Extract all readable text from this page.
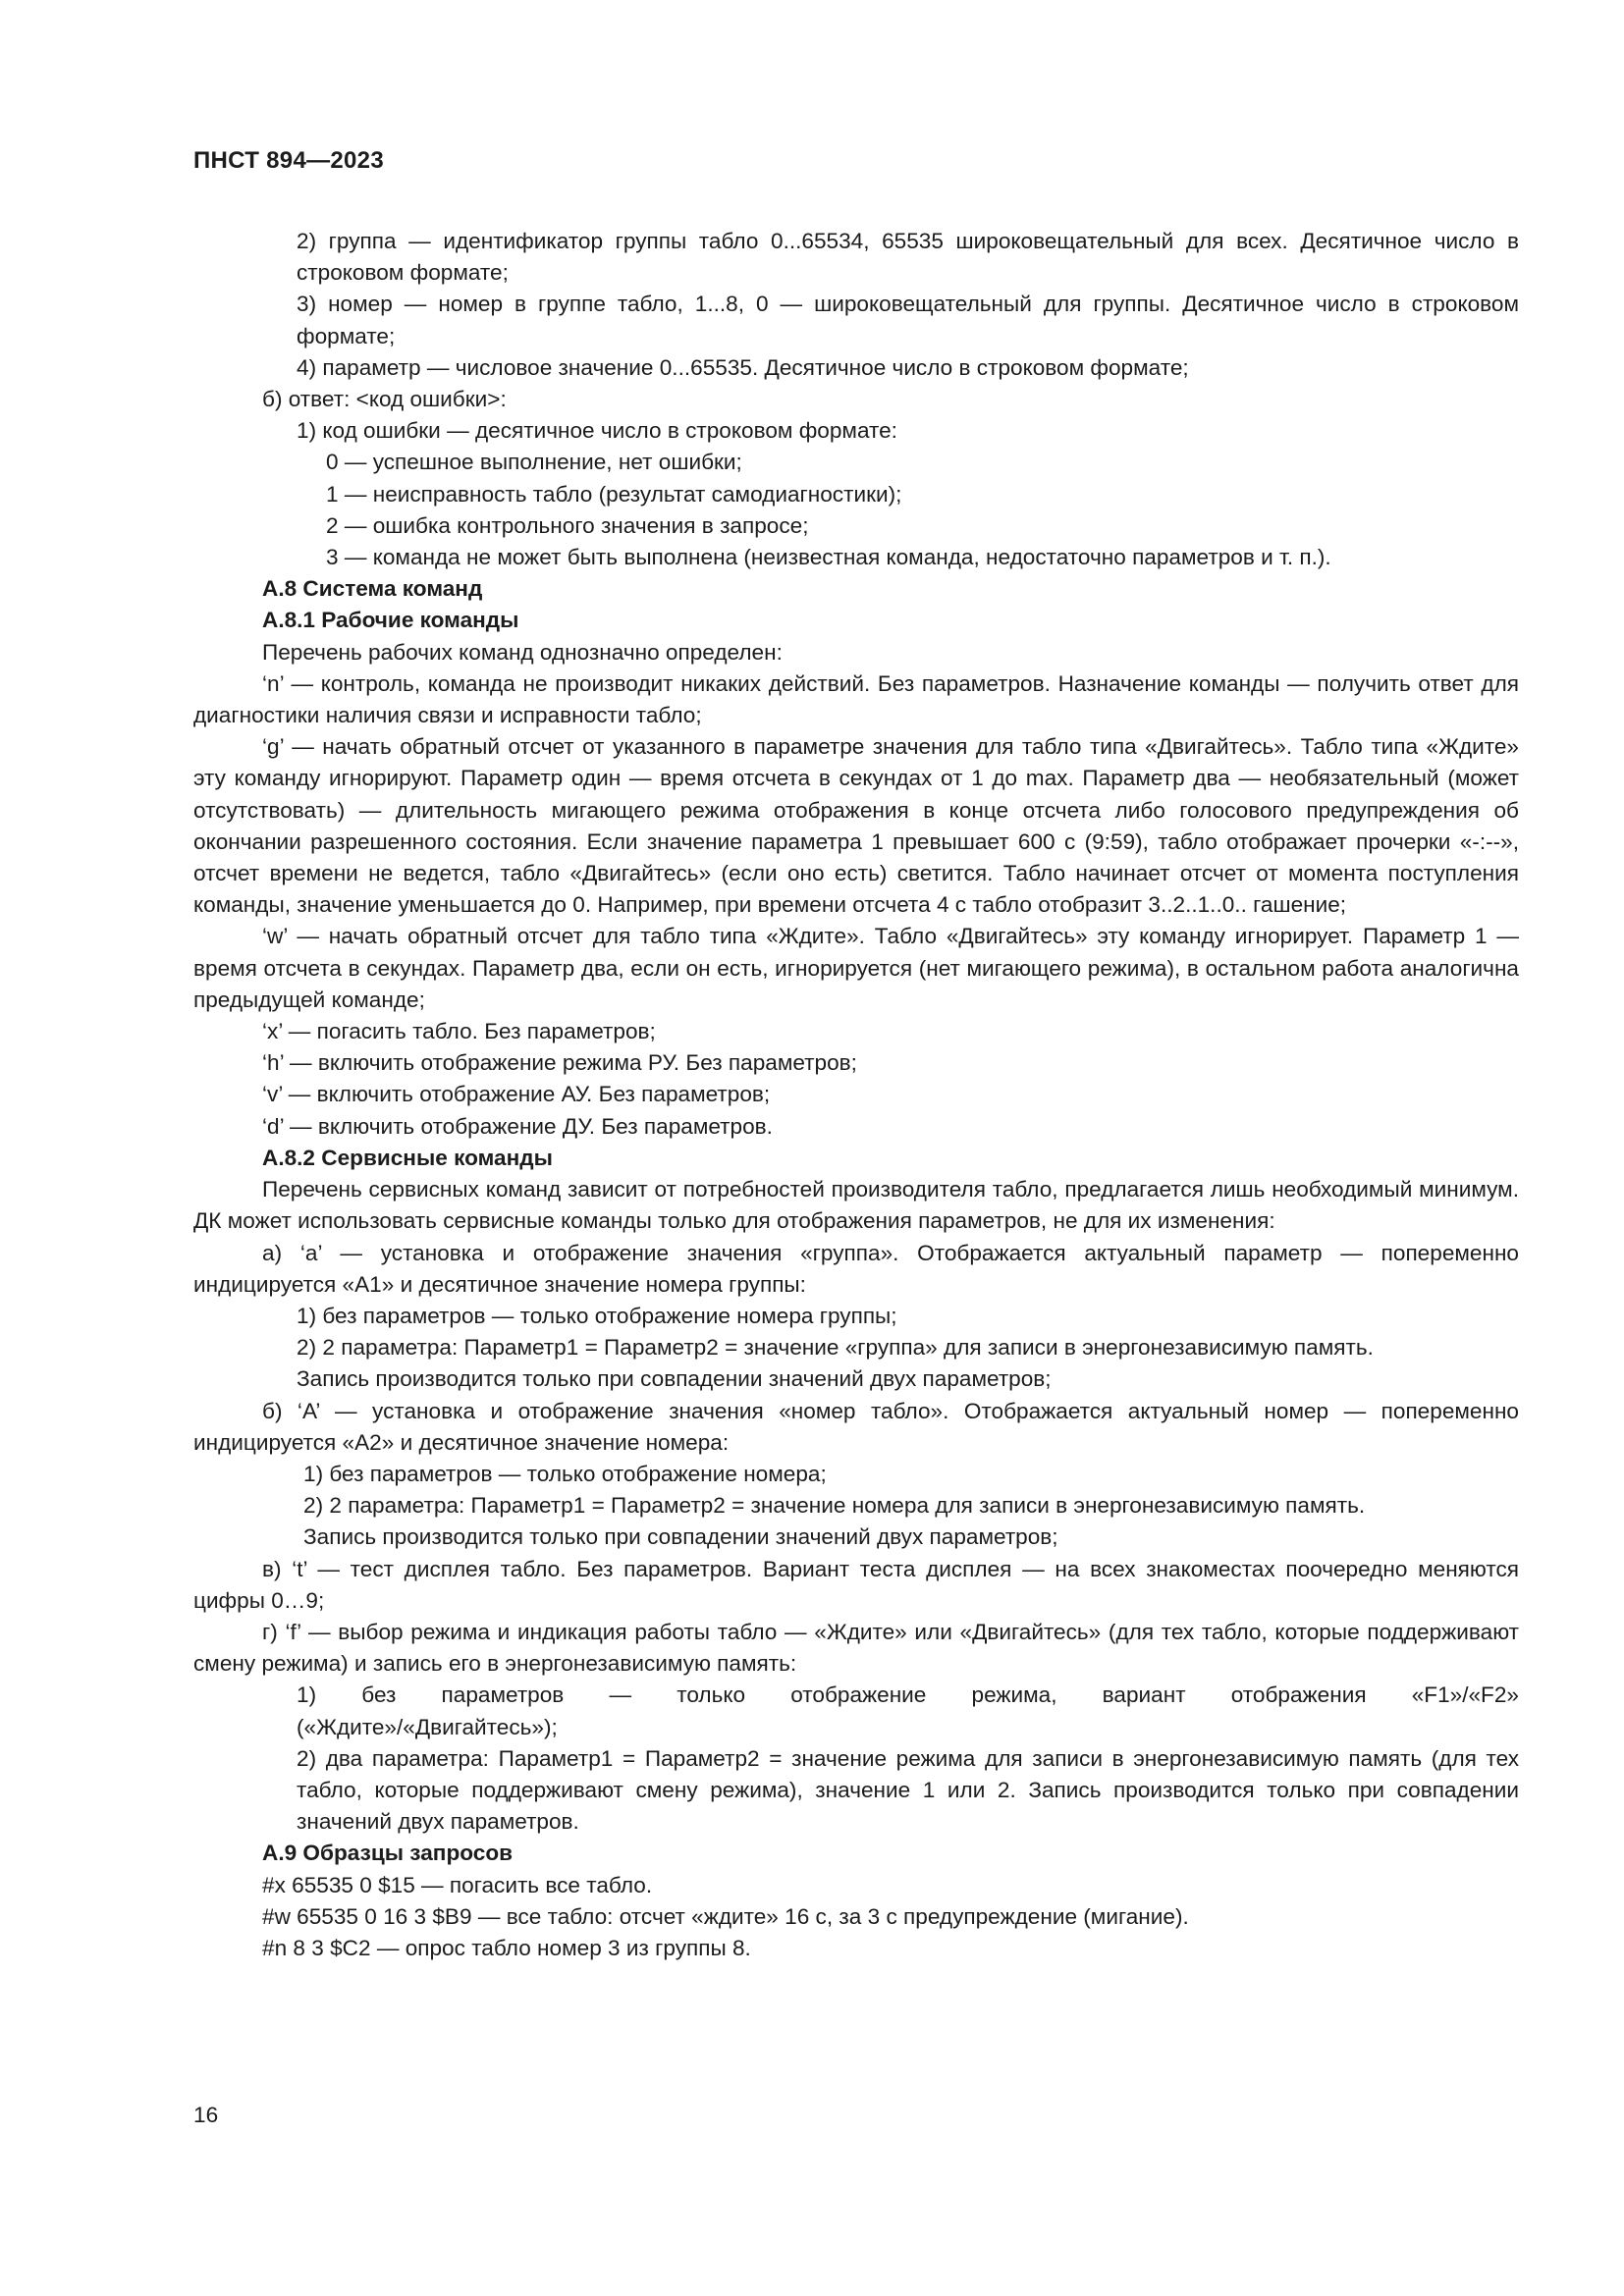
ПНСТ 894—2023

2) группа — идентификатор группы табло 0...65534, 65535 широковещательный для всех. Десятичное число в строковом формате;

3) номер — номер в группе табло, 1...8, 0 — широковещательный для группы. Десятичное число в строковом формате;

4) параметр — числовое значение 0...65535. Десятичное число в строковом формате;

б) ответ: <код ошибки>:

1) код ошибки — десятичное число в строковом формате:

0 — успешное выполнение, нет ошибки;

1 — неисправность табло (результат самодиагностики);

2 — ошибка контрольного значения в запросе;

3 — команда не может быть выполнена (неизвестная команда, недостаточно параметров и т. п.).

А.8 Система команд

А.8.1 Рабочие команды

Перечень рабочих команд однозначно определен:

‘n’ — контроль, команда не производит никаких действий. Без параметров. Назначение команды — получить ответ для диагностики наличия связи и исправности табло;

‘g’ — начать обратный отсчет от указанного в параметре значения для табло типа «Двигайтесь». Табло типа «Ждите» эту команду игнорируют. Параметр один — время отсчета в секундах от 1 до max. Параметр два — необязательный (может отсутствовать) — длительность мигающего режима отображения в конце отсчета либо голосового предупреждения об окончании разрешенного состояния. Если значение параметра 1 превышает 600 с (9:59), табло отображает прочерки «-:--», отсчет времени не ведется, табло «Двигайтесь» (если оно есть) светится. Табло начинает отсчет от момента поступления команды, значение уменьшается до 0. Например, при времени отсчета 4 с табло отобразит 3..2..1..0.. гашение;

‘w’ — начать обратный отсчет для табло типа «Ждите». Табло «Двигайтесь» эту команду игнорирует. Параметр 1 — время отсчета в секундах. Параметр два, если он есть, игнорируется (нет мигающего режима), в остальном работа аналогична предыдущей команде;

‘x’ — погасить табло. Без параметров;

‘h’ — включить отображение режима РУ. Без параметров;

‘v’ — включить отображение АУ. Без параметров;

‘d’ — включить отображение ДУ. Без параметров.

А.8.2 Сервисные команды

Перечень сервисных команд зависит от потребностей производителя табло, предлагается лишь необходимый минимум. ДК может использовать сервисные команды только для отображения параметров, не для их изменения:

а) ‘a’ — установка и отображение значения «группа». Отображается актуальный параметр — попеременно индицируется «A1» и десятичное значение номера группы:

1) без параметров — только отображение номера группы;

2) 2 параметра: Параметр1 = Параметр2 = значение «группа» для записи в энергонезависимую память.

Запись производится только при совпадении значений двух параметров;

б) ‘A’ — установка и отображение значения «номер табло». Отображается актуальный номер — попеременно индицируется «A2» и десятичное значение номера:

1) без параметров — только отображение номера;

2) 2 параметра: Параметр1 = Параметр2 = значение номера для записи в энергонезависимую память.

Запись производится только при совпадении значений двух параметров;

в) ‘t’ — тест дисплея табло. Без параметров. Вариант теста дисплея — на всех знакоместах поочередно меняются цифры 0…9;

г) ‘f’ — выбор режима и индикация работы табло — «Ждите» или «Двигайтесь» (для тех табло, которые поддерживают смену режима) и запись его в энергонезависимую память:

1) без параметров — только отображение режима, вариант отображения «F1»/«F2»

(«Ждите»/«Двигайтесь»);

2) два параметра: Параметр1 = Параметр2 = значение режима для записи в энергонезависимую память (для тех табло, которые поддерживают смену режима), значение 1 или 2. Запись производится только при совпадении значений двух параметров.

А.9 Образцы запросов

#x 65535 0 $15 — погасить все табло.

#w 65535 0 16 3 $B9 — все табло: отсчет «ждите» 16 с, за 3 с предупреждение (мигание).

#n 8 3 $C2 — опрос табло номер 3 из группы 8.

16
